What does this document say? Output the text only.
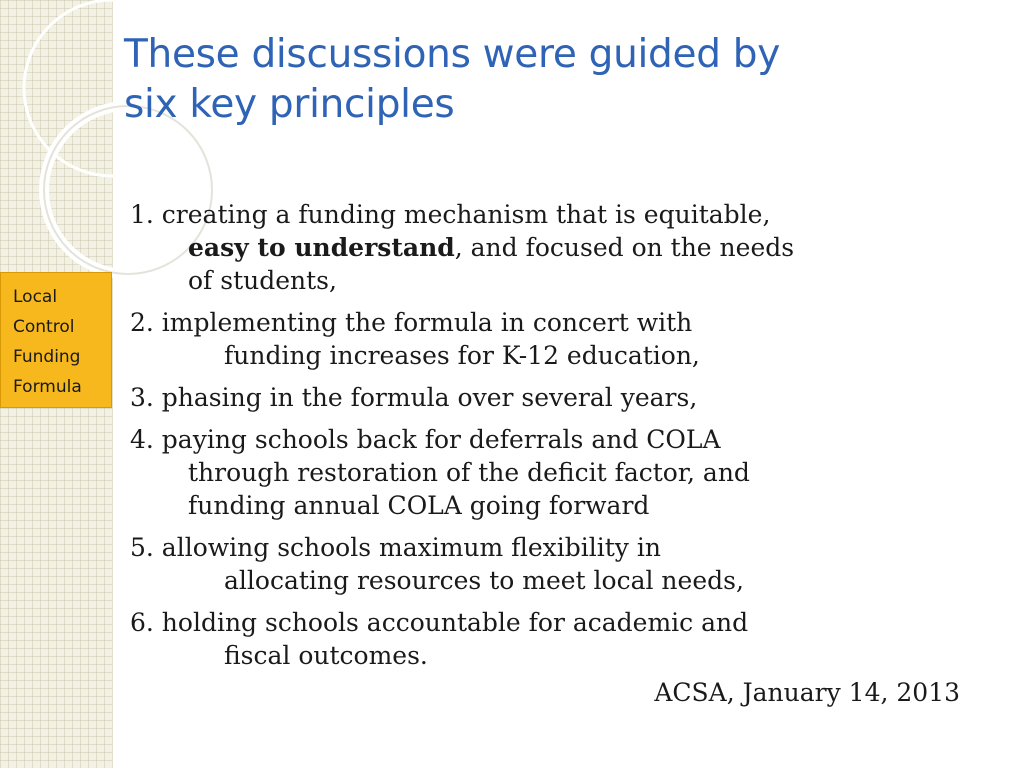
These discussions were guided by
six key principles
Local
Control
Funding
Formula
1. creating a funding mechanism that is equitable,
easy to understand, and focused on the needs
of students,
2. implementing the formula in concert with
funding increases for K-12 education,
3. phasing in the formula over several years,
4. paying schools back for deferrals and COLA
through restoration of the deficit factor, and
funding annual COLA going forward
5. allowing schools maximum flexibility in
allocating resources to meet local needs,
6. holding schools accountable for academic and
fiscal outcomes.
ACSA, January 14, 2013
